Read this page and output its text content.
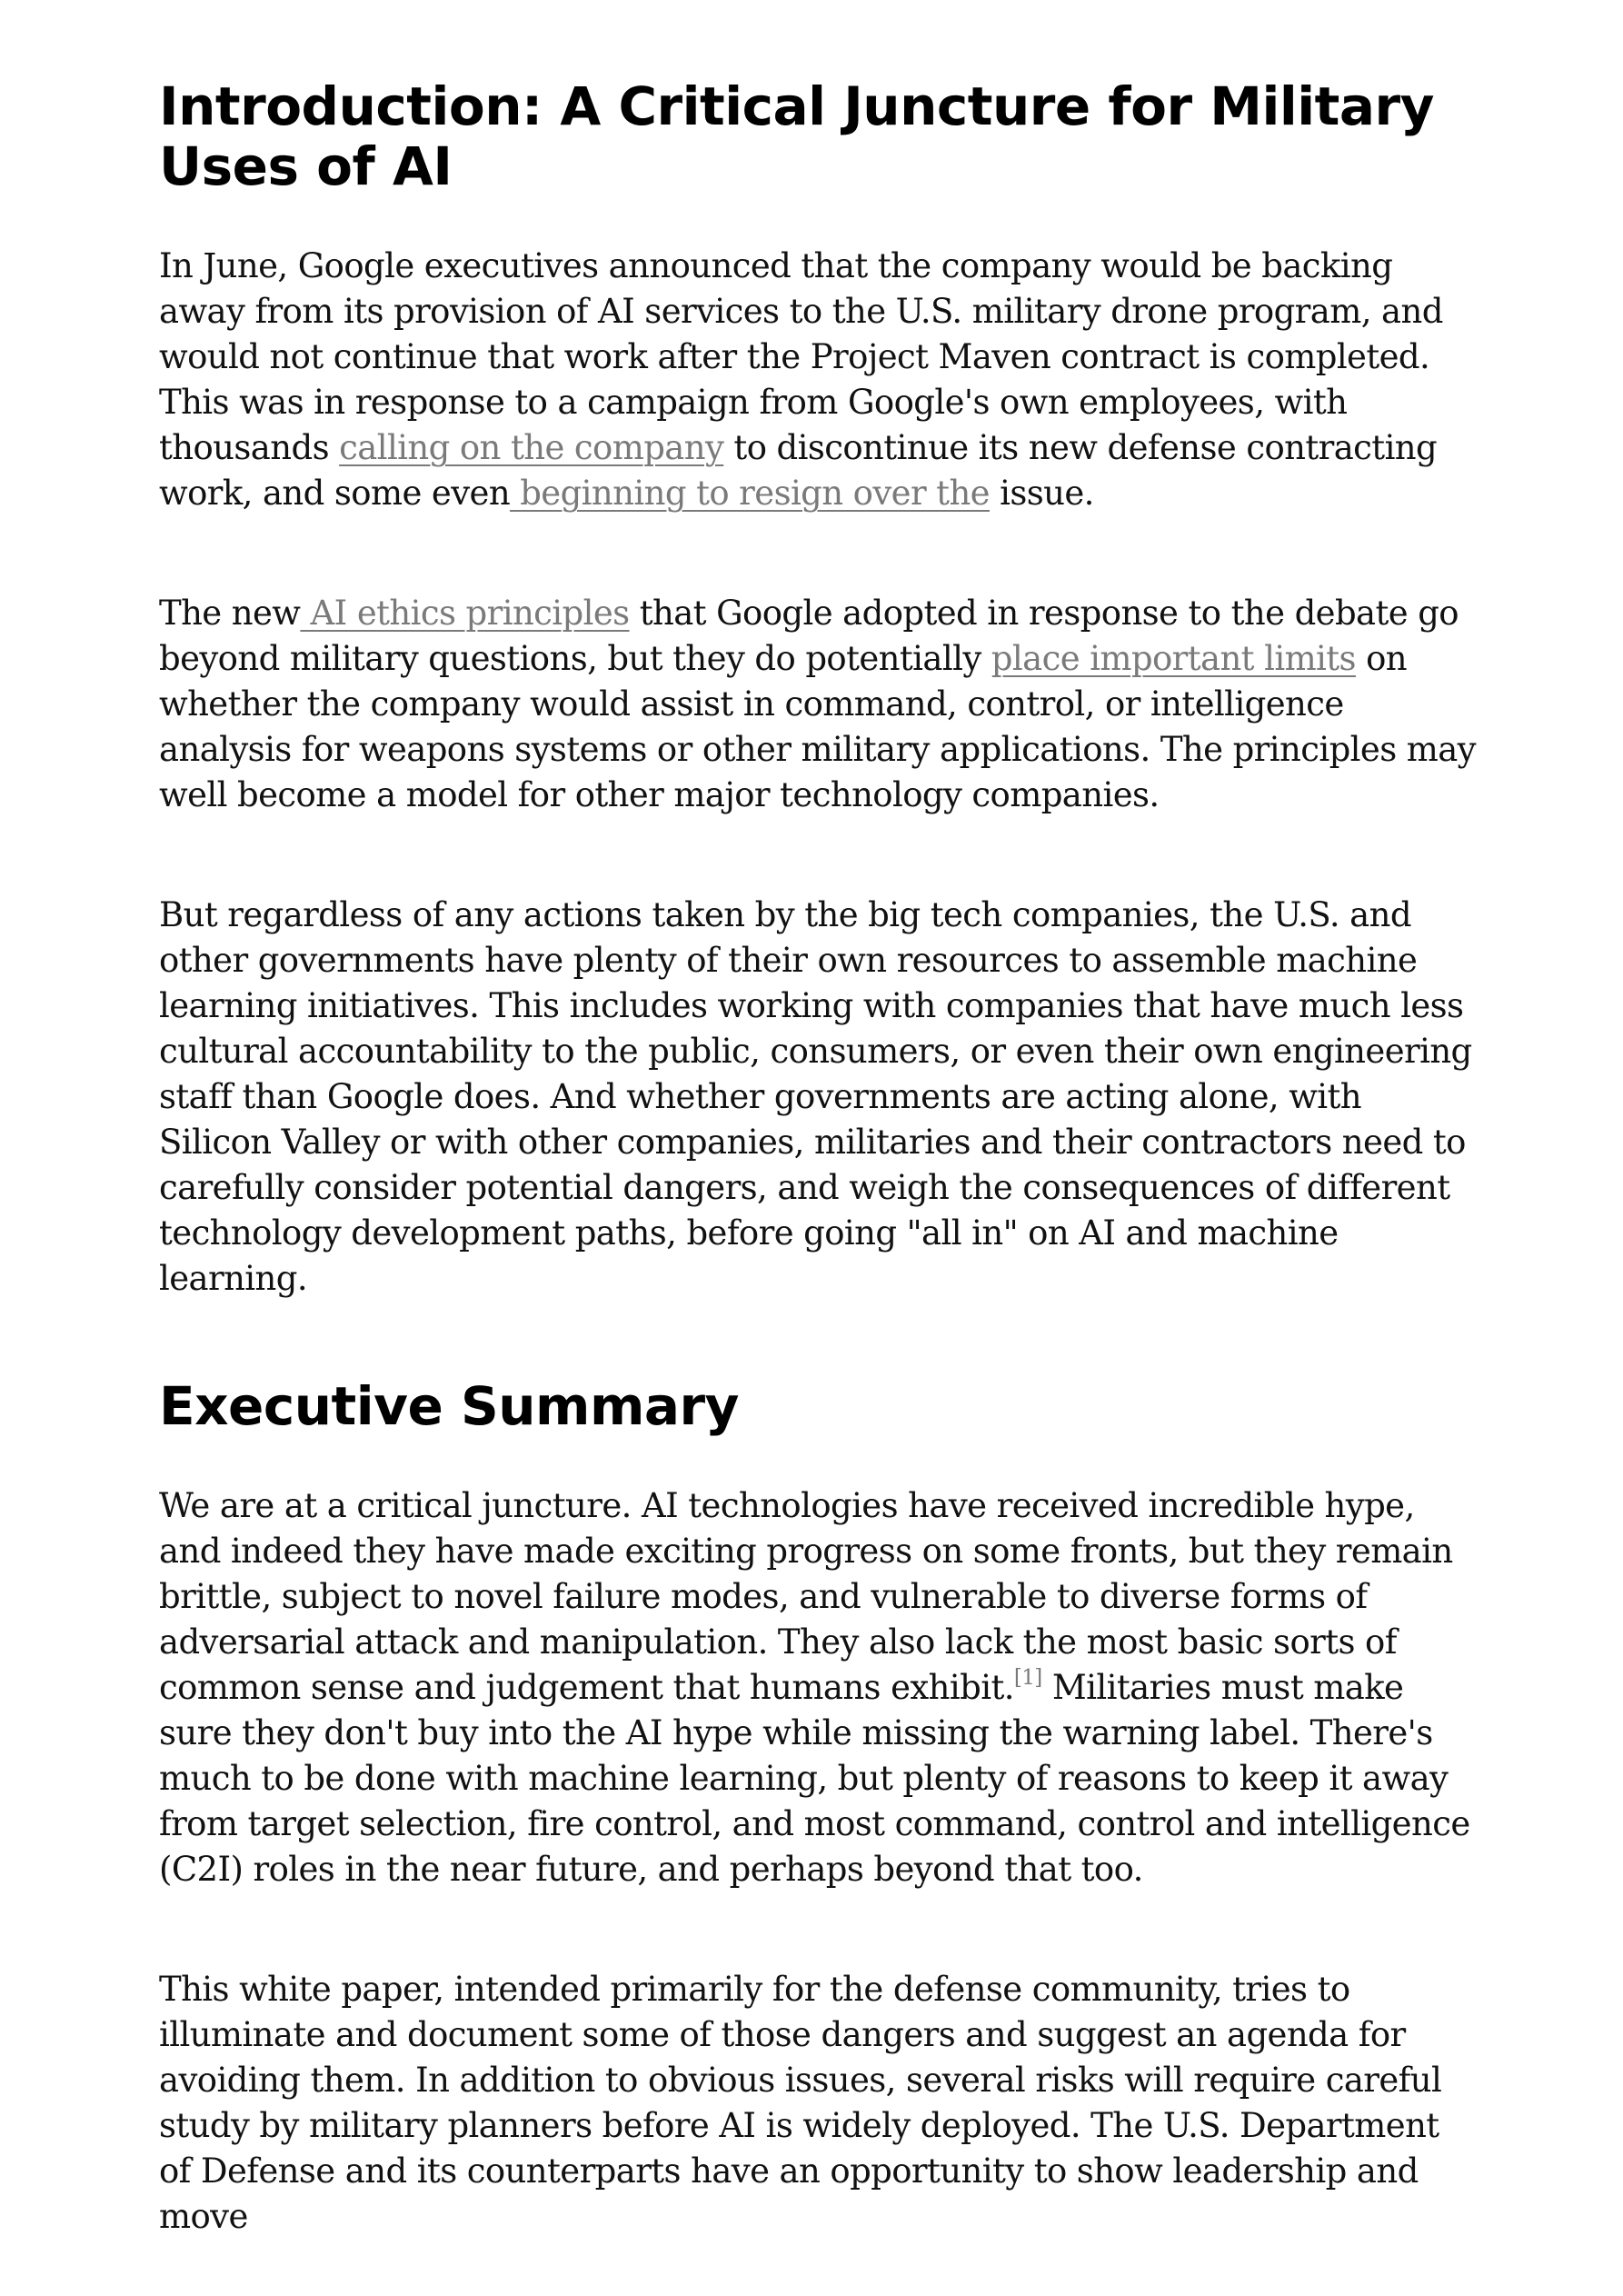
Introduction: A Critical Juncture for Military Uses of AI

In June, Google executives announced that the company would be backing away from its provision of AI services to the U.S. military drone program, and would not continue that work after the Project Maven contract is completed. This was in response to a campaign from Google's own employees, with thousands calling on the company to discontinue its new defense contracting work, and some even beginning to resign over the issue.

The new AI ethics principles that Google adopted in response to the debate go beyond military questions, but they do potentially place important limits on whether the company would assist in command, control, or intelligence analysis for weapons systems or other military applications. The principles may well become a model for other major technology companies.

But regardless of any actions taken by the big tech companies, the U.S. and other governments have plenty of their own resources to assemble machine learning initiatives. This includes working with companies that have much less cultural accountability to the public, consumers, or even their own engineering staff than Google does. And whether governments are acting alone, with Silicon Valley or with other companies, militaries and their contractors need to carefully consider potential dangers, and weigh the consequences of different technology development paths, before going "all in" on AI and machine learning.

Executive Summary

We are at a critical juncture. AI technologies have received incredible hype, and indeed they have made exciting progress on some fronts, but they remain brittle, subject to novel failure modes, and vulnerable to diverse forms of adversarial attack and manipulation. They also lack the most basic sorts of common sense and judgement that humans exhibit.[1] Militaries must make sure they don't buy into the AI hype while missing the warning label. There's much to be done with machine learning, but plenty of reasons to keep it away from target selection, fire control, and most command, control and intelligence (C2I) roles in the near future, and perhaps beyond that too.

This white paper, intended primarily for the defense community, tries to illuminate and document some of those dangers and suggest an agenda for avoiding them. In addition to obvious issues, several risks will require careful study by military planners before AI is widely deployed. The U.S. Department of Defense and its counterparts have an opportunity to show leadership and move
